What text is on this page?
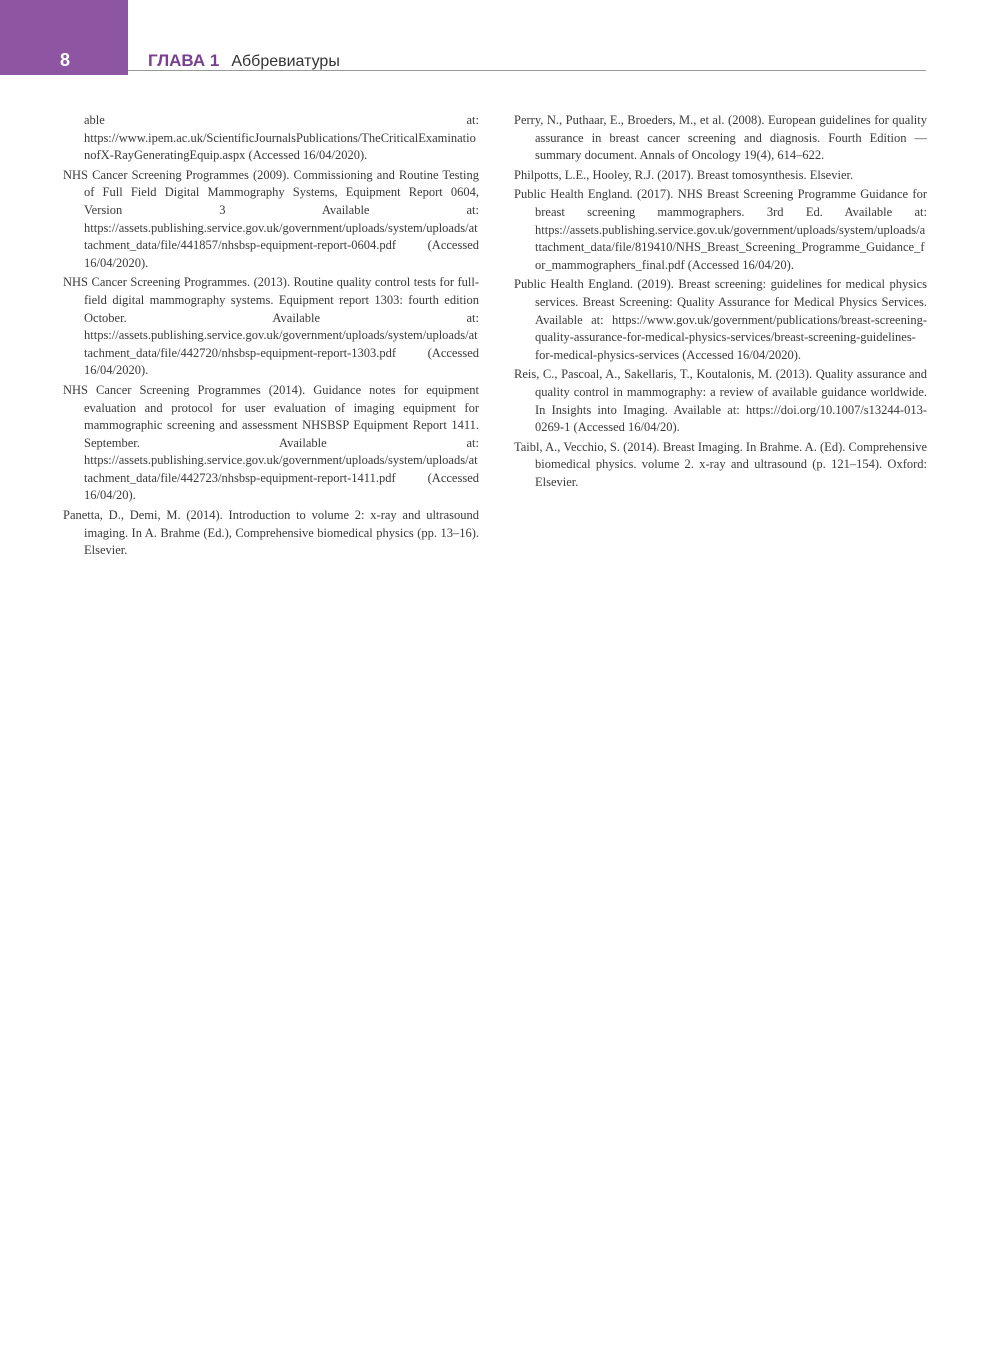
8	ГЛАВА 1 Аббревиатуры

able at: https://www.ipem.ac.uk/ScientificJournalsPublications/TheCriticalExaminationofX-RayGeneratingEquip.aspx (Accessed 16/04/2020).

NHS Cancer Screening Programmes (2009). Commissioning and Routine Testing of Full Field Digital Mammography Systems, Equipment Report 0604, Version 3 Available at: https://assets.publishing.service.gov.uk/government/uploads/system/uploads/attachment_data/file/441857/nhsbsp-equipment-report-0604.pdf (Accessed 16/04/2020).

NHS Cancer Screening Programmes. (2013). Routine quality control tests for full-field digital mammography systems. Equipment report 1303: fourth edition October. Available at: https://assets.publishing.service.gov.uk/government/uploads/system/uploads/attachment_data/file/442720/nhsbsp-equipment-report-1303.pdf (Accessed 16/04/2020).

NHS Cancer Screening Programmes (2014). Guidance notes for equipment evaluation and protocol for user evaluation of imaging equipment for mammographic screening and assessment NHSBSP Equipment Report 1411. September. Available at: https://assets.publishing.service.gov.uk/government/uploads/system/uploads/attachment_data/file/442723/nhsbsp-equipment-report-1411.pdf (Accessed 16/04/20).

Panetta, D., Demi, M. (2014). Introduction to volume 2: x-ray and ultrasound imaging. In A. Brahme (Ed.), Comprehensive biomedical physics (pp. 13–16). Elsevier.

Perry, N., Puthaar, E., Broeders, M., et al. (2008). European guidelines for quality assurance in breast cancer screening and diagnosis. Fourth Edition — summary document. Annals of Oncology 19(4), 614–622.

Philpotts, L.E., Hooley, R.J. (2017). Breast tomosynthesis. Elsevier.

Public Health England. (2017). NHS Breast Screening Programme Guidance for breast screening mammographers. 3rd Ed. Available at: https://assets.publishing.service.gov.uk/government/uploads/system/uploads/attachment_data/file/819410/NHS_Breast_Screening_Programme_Guidance_for_mammographers_final.pdf (Accessed 16/04/20).

Public Health England. (2019). Breast screening: guidelines for medical physics services. Breast Screening: Quality Assurance for Medical Physics Services. Available at: https://www.gov.uk/government/publications/breast-screening-quality-assurance-for-medical-physics-services/breast-screening-guidelines-for-medical-physics-services (Accessed 16/04/2020).

Reis, C., Pascoal, A., Sakellaris, T., Koutalonis, M. (2013). Quality assurance and quality control in mammography: a review of available guidance worldwide. In Insights into Imaging. Available at: https://doi.org/10.1007/s13244-013-0269-1 (Accessed 16/04/20).

Taibl, A., Vecchio, S. (2014). Breast Imaging. In Brahme. A. (Ed). Comprehensive biomedical physics. volume 2. x-ray and ultrasound (p. 121–154). Oxford: Elsevier.
